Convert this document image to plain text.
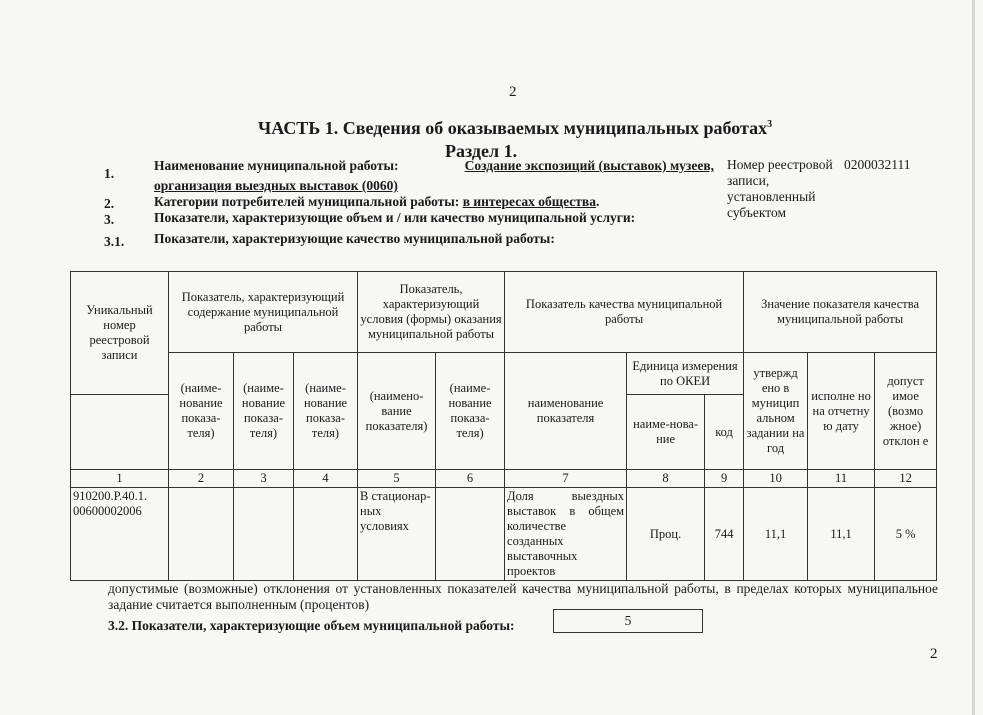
2
ЧАСТЬ 1. Сведения об оказываемых муниципальных работах$^3$
Раздел 1.
1.
Наименование муниципальной работы:	Создание экспозиций (выставок) музеев,
организация выездных выставок (0060)
2.	Категории потребителей муниципальной работы: в интересах общества.
3.	Показатели, характеризующие объем и / или качество муниципальной услуги:
3.1. Показатели, характеризующие качество муниципальной работы:
Номер реестровой
записи,
установленный
субъектом
0200032111
Уникальный номер реестровой записи	Показатель, характеризующий содержание муниципальной работы			Показатель, характеризующий условия (формы) оказания муниципальной работы		Показатель качества муниципальной работы			Значение показателя качества муниципальной работы		
	(наиме-нование показа-теля)	(наиме-нование показа-теля)	(наиме-нование показа-теля)	(наимено-вание показателя)	(наиме-нование показа-теля)	наименование показателя	Единица измерения по ОКЕИ		утвержд ено в муницип альном задании на год	исполне но на отчетну ю дату	допуст имое (возмо жное) отклон е
							наиме-нова-ние	код			
1	2	3	4	5	6	7	8	9	10	11	12
910200.Р.40.1. 00600002006				В стационар-ных условиях		Доля выездных выставок в общем количестве созданных выставочных проектов	Проц.	744	11,1	11,1	5 %
допустимые (возможные) отклонения от установленных показателей качества муниципальной работы, в пределах которых муниципальное задание считается выполненным (процентов)
3.2. Показатели, характеризующие объем муниципальной работы:	5
2
